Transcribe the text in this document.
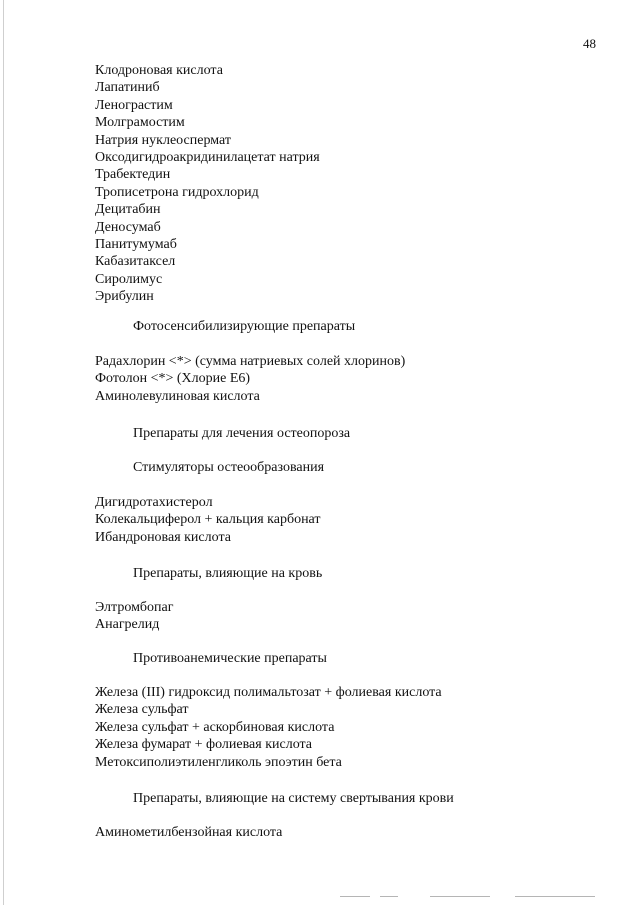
48
Клодроновая кислота
Лапатиниб
Ленограстим
Молграмостим
Натрия нуклеоспермат
Оксодигидроакридинилацетат натрия
Трабектедин
Трописетрона гидрохлорид
Децитабин
Деносумаб
Панитумумаб
Кабазитаксел
Сиролимус
Эрибулин
Фотосенсибилизирующие препараты
Радахлорин <*> (сумма натриевых солей хлоринов)
Фотолон <*> (Хлорие Е6)
Аминолевулиновая кислота
Препараты для лечения остеопороза
Стимуляторы остеообразования
Дигидротахистерол
Колекальциферол + кальция карбонат
Ибандроновая кислота
Препараты, влияющие на кровь
Элтромбопаг
Анагрелид
Противоанемические препараты
Железа (III) гидроксид полимальтозат + фолиевая кислота
Железа сульфат
Железа сульфат + аскорбиновая кислота
Железа фумарат + фолиевая кислота
Метоксиполиэтиленгликоль эпоэтин бета
Препараты, влияющие на систему свертывания крови
Аминометилбензойная кислота
